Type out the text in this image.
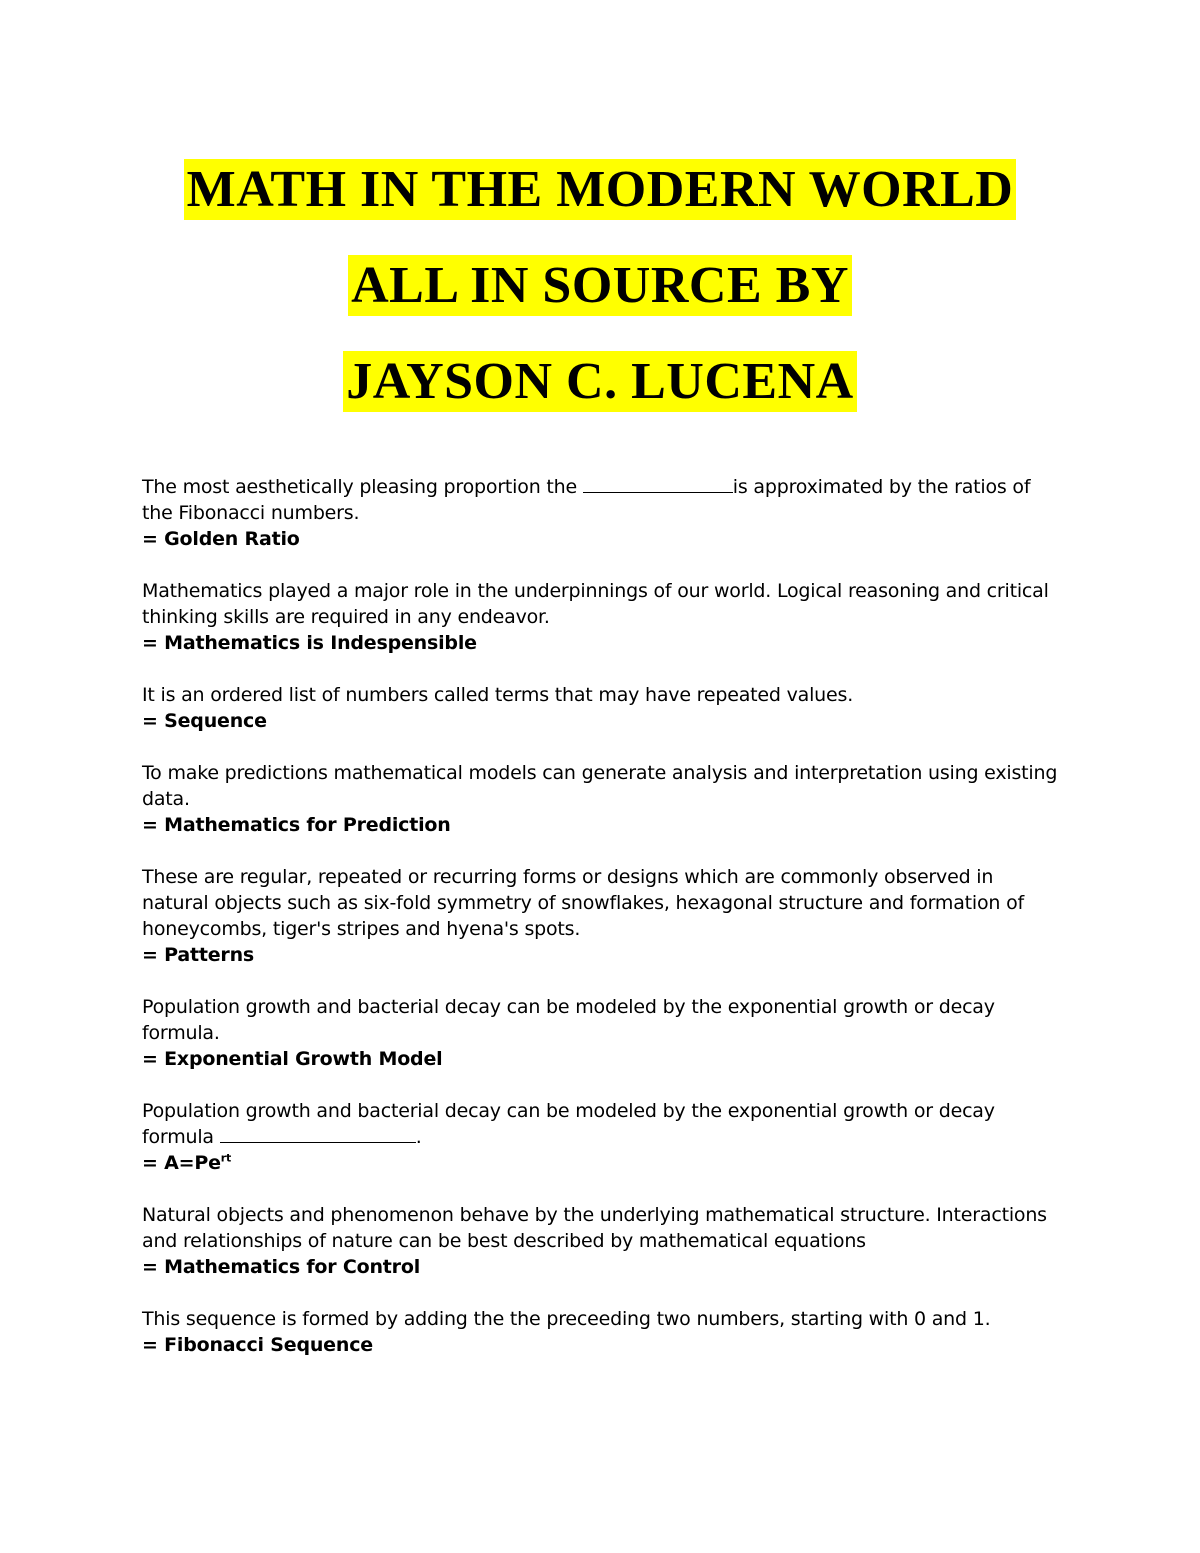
MATH IN THE MODERN WORLD
ALL IN SOURCE BY
JAYSON C. LUCENA

The most aesthetically pleasing proportion the	is approximated by the ratios of the Fibonacci numbers.

= Golden Ratio

Mathematics played a major role in the underpinnings of our world. Logical reasoning and critical thinking skills are required in any endeavor.

= Mathematics is Indespensible

It is an ordered list of numbers called terms that may have repeated values.

= Sequence

To make predictions mathematical models can generate analysis and interpretation using existing data.

= Mathematics for Prediction

These are regular, repeated or recurring forms or designs which are commonly observed in natural objects such as six-fold symmetry of snowflakes, hexagonal structure and formation of honeycombs, tiger's stripes and hyena's spots.

= Patterns

Population growth and bacterial decay can be modeled by the exponential growth or decay formula.

= Exponential Growth Model

Population growth and bacterial decay can be modeled by the exponential growth or decay formula	.

= $A=Pe^{rt}$

Natural objects and phenomenon behave by the underlying mathematical structure. Interactions and relationships of nature can be best described by mathematical equations

= Mathematics for Control

This sequence is formed by adding the the preceeding two numbers, starting with 0 and 1.

= Fibonacci Sequence
